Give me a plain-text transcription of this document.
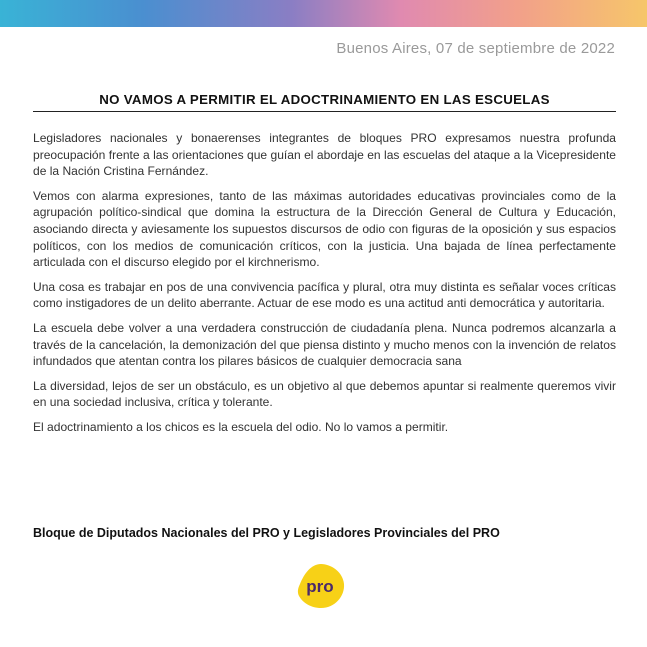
Buenos Aires, 07 de septiembre de 2022
NO VAMOS A PERMITIR EL ADOCTRINAMIENTO EN LAS ESCUELAS

Legisladores nacionales y bonaerenses integrantes de bloques PRO expresamos nuestra profunda preocupación frente a las orientaciones que guían el abordaje en las escuelas del ataque a la Vicepresidente de la Nación Cristina Fernández.

Vemos con alarma expresiones, tanto de las máximas autoridades educativas provinciales como de la agrupación político-sindical que domina la estructura de la Dirección General de Cultura y Educación, asociando directa y aviesamente los supuestos discursos de odio con figuras de la oposición y sus espacios políticos, con los medios de comunicación críticos, con la justicia. Una bajada de línea perfectamente articulada con el discurso elegido por el kirchnerismo.

Una cosa es trabajar en pos de una convivencia pacífica y plural, otra muy distinta es señalar voces críticas como instigadores de un delito aberrante. Actuar de ese modo es una actitud anti democrática y autoritaria.

La escuela debe volver a una verdadera construcción de ciudadanía plena. Nunca podremos alcanzarla a través de la cancelación, la demonización del que piensa distinto y mucho menos con la invención de relatos infundados que atentan contra los pilares básicos de cualquier democracia sana

La diversidad, lejos de ser un obstáculo, es un objetivo al que debemos apuntar si realmente queremos vivir en una sociedad inclusiva, crítica y tolerante.

El adoctrinamiento a los chicos es la escuela del odio. No lo vamos a permitir.

Bloque de Diputados Nacionales del PRO y Legisladores Provinciales del PRO
pro
